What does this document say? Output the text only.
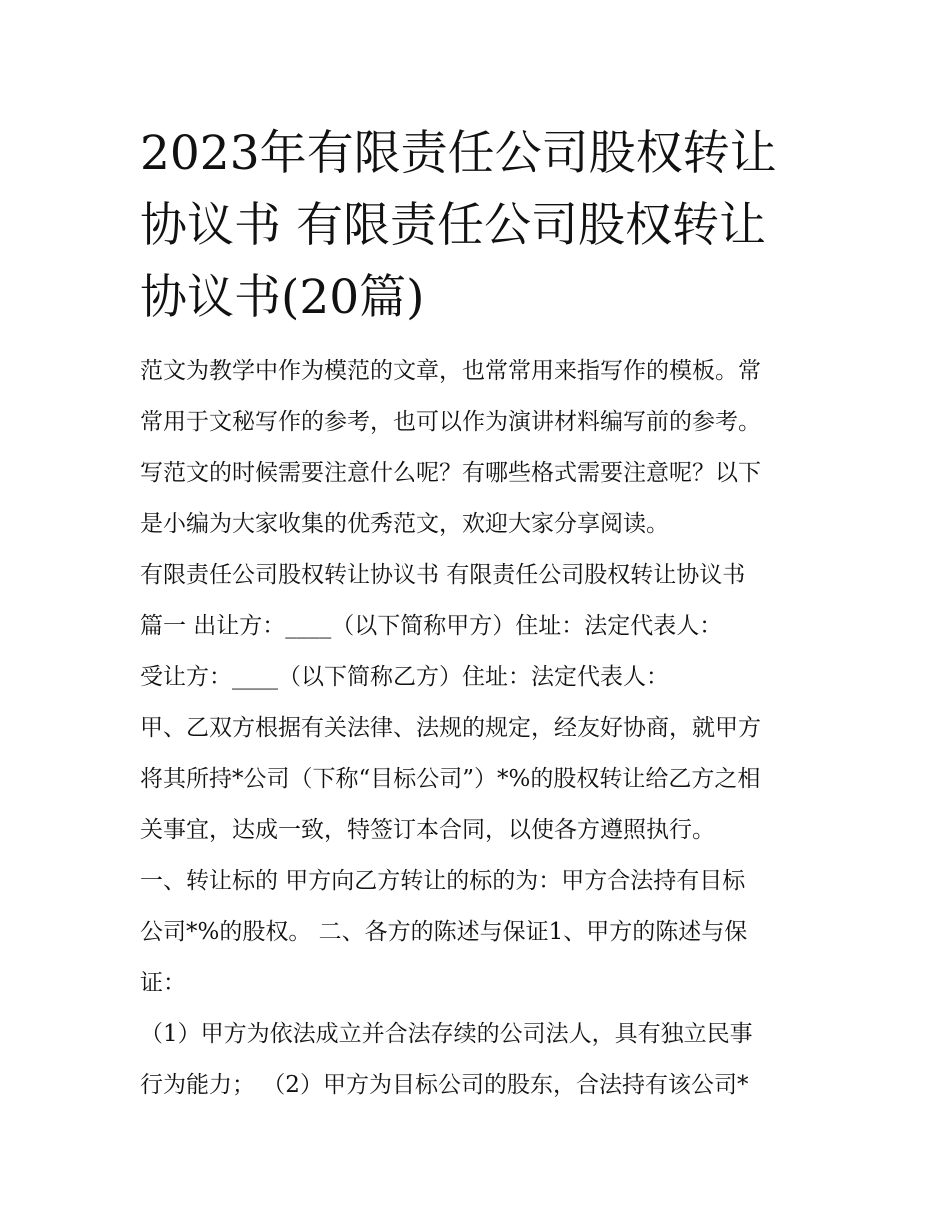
2023年有限责任公司股权转让
协议书 有限责任公司股权转让
协议书(20篇)

范文为教学中作为模范的文章，也常常用来指写作的模板。常

常用于文秘写作的参考，也可以作为演讲材料编写前的参考。

写范文的时候需要注意什么呢？有哪些格式需要注意呢？以下

是小编为大家收集的优秀范文，欢迎大家分享阅读。

有限责任公司股权转让协议书 有限责任公司股权转让协议书

篇一 出让方：____（以下简称甲方）住址：法定代表人：

受让方：____（以下简称乙方）住址：法定代表人：

甲、乙双方根据有关法律、法规的规定，经友好协商，就甲方

将其所持*公司（下称“目标公司”）*%的股权转让给乙方之相

关事宜，达成一致，特签订本合同，以使各方遵照执行。

一、转让标的 甲方向乙方转让的标的为：甲方合法持有目标

公司*%的股权。 二、各方的陈述与保证1、甲方的陈述与保

证：

（1）甲方为依法成立并合法存续的公司法人，具有独立民事

行为能力； （2）甲方为目标公司的股东，合法持有该公司*
